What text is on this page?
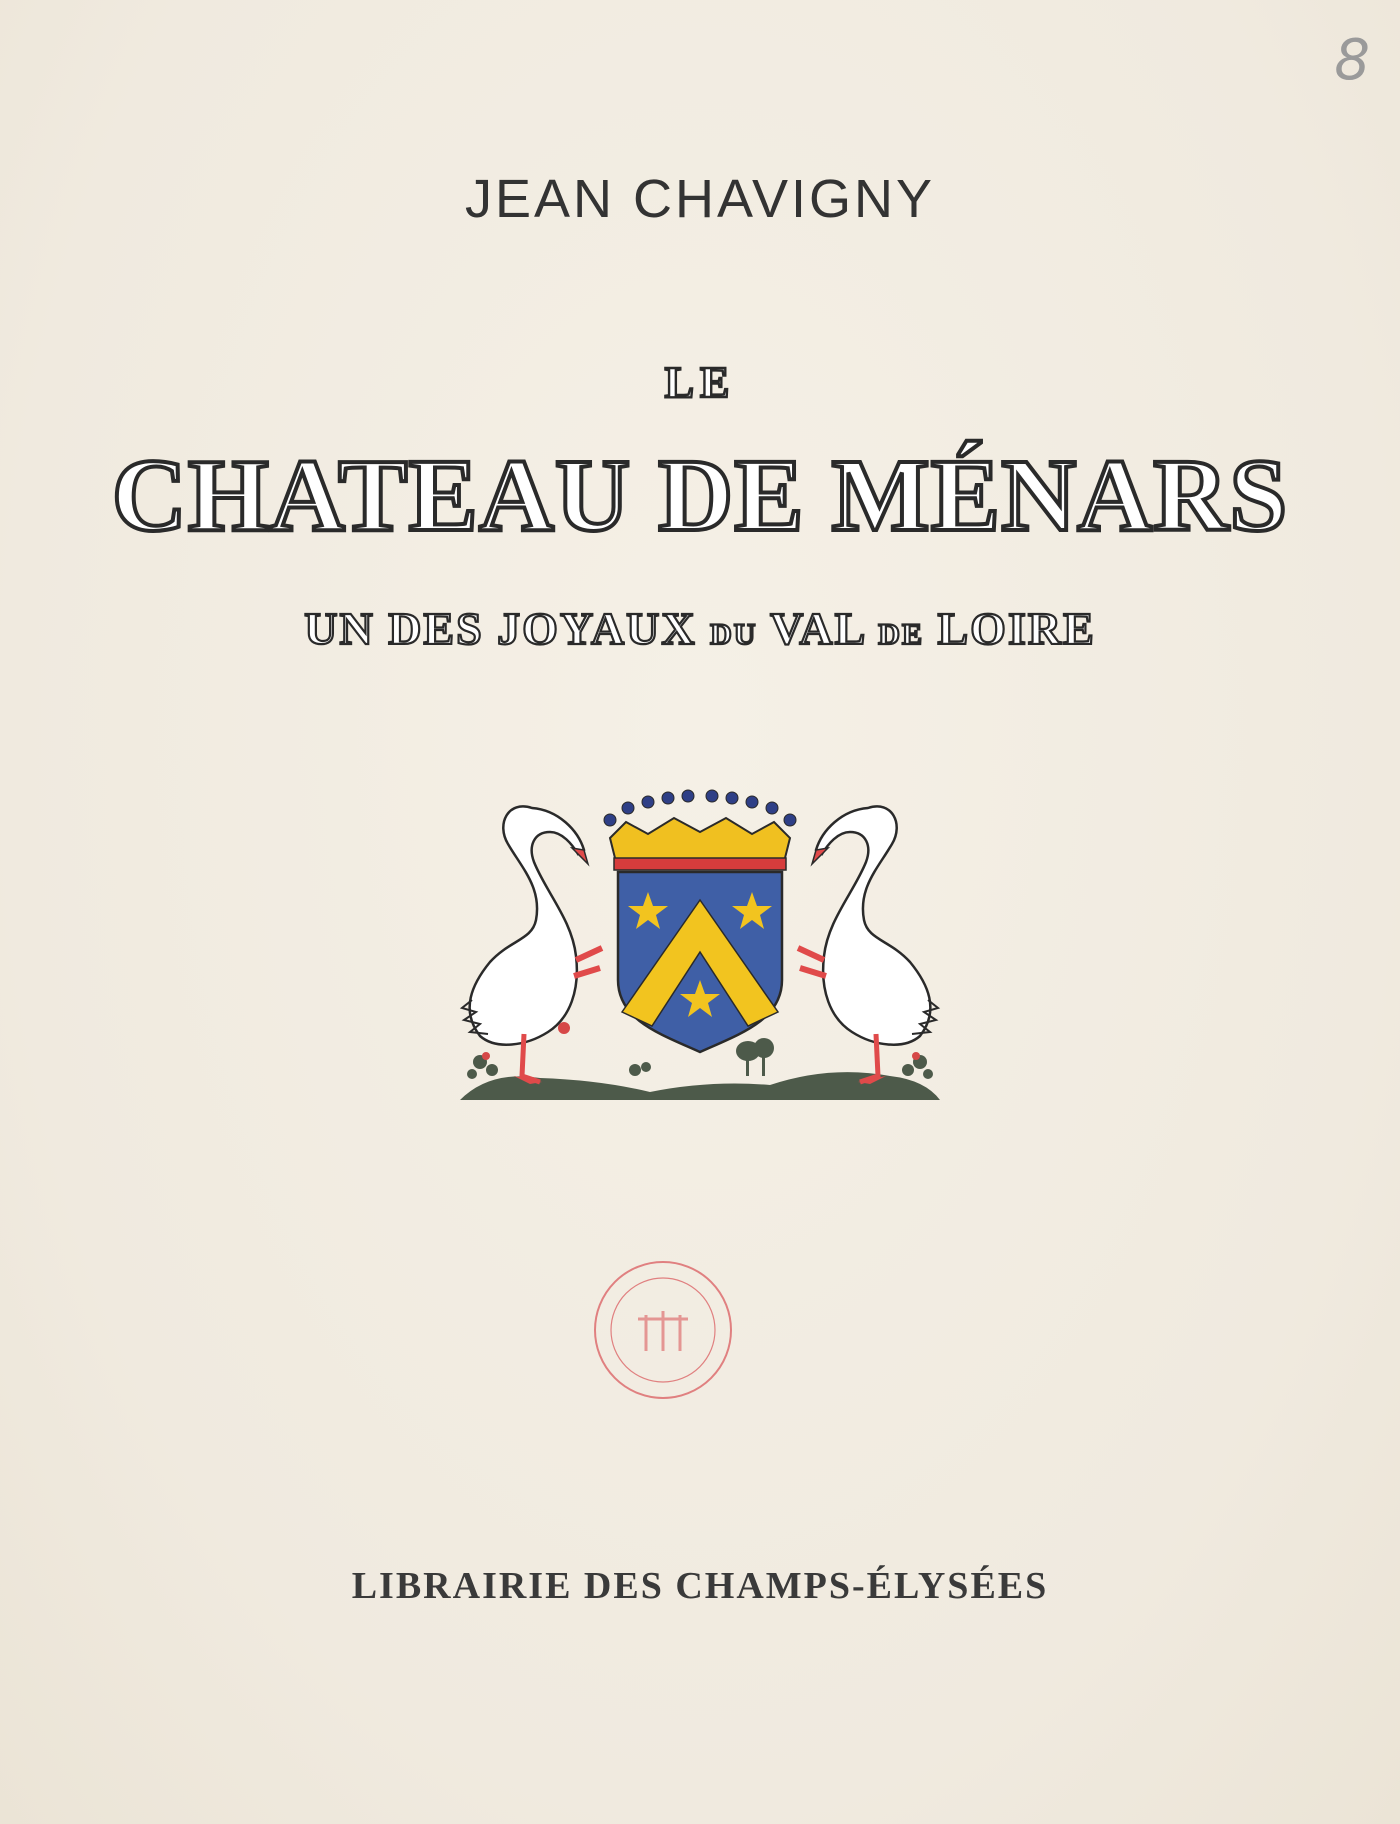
8
JEAN CHAVIGNY
LE
CHATEAU DE MÉNARS
UN DES JOYAUX DU VAL DE LOIRE
LIBRAIRIE DES CHAMPS-ÉLYSÉES
